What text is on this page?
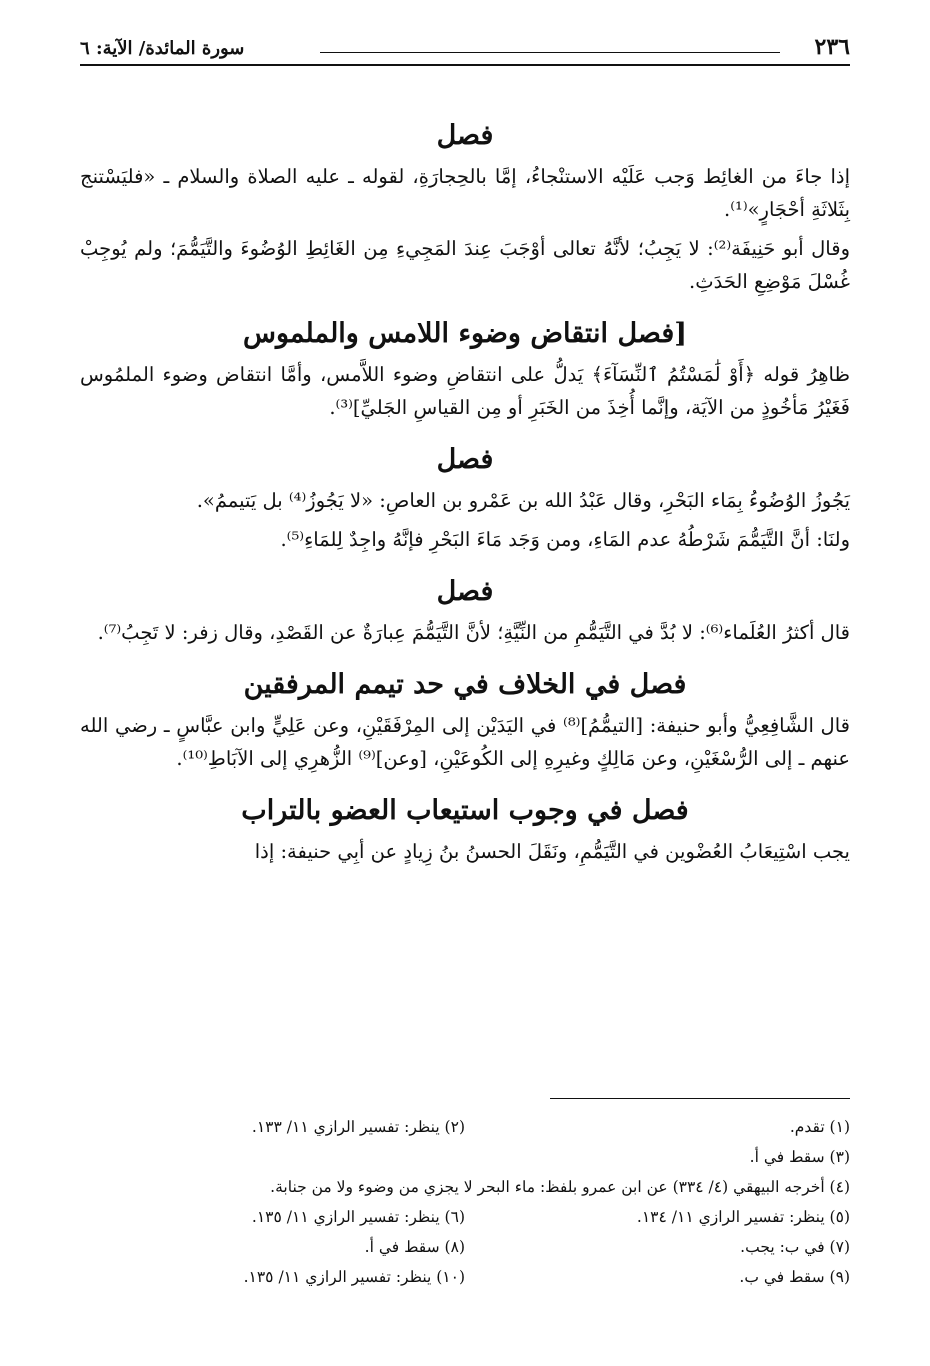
٢٣٦
سورة المائدة/ الآية: ٦
فصل

إذا جاءَ من الغائِط وَجب عَلَيْه الاستنْجاءُ، إمَّا بالحِجارَةِ، لقوله ـ عليه الصلاة والسلام ـ «فليَسْتنج بِثَلاثَةِ أحْجَارٍ»⁽¹⁾.

وقال أبو حَنِيفَة⁽²⁾: لا يَجِبُ؛ لأنَّهُ تعالى أوْجَبَ عِندَ المَجِيءِ مِن الغَائِطِ الوُضُوءَ والتَّيَمُّمَ؛ ولم يُوجِبْ غُسْلَ مَوْضِعِ الحَدَثِ.

[فصل انتقاض وضوء اللامس والملموس

ظاهِرُ قوله ﴿أَوْ لَٰمَسْتُمُ ٱلنِّسَآءَ﴾ يَدلُّ على انتقاضِ وضوء اللاَّمس، وأمَّا انتقاض وضوء الملمُوس فَغَيْرُ مَأخُوذٍ من الآيَة، وإنَّما أُخِذَ من الخَبَرِ أو مِن القياسِ الجَليِّ]⁽³⁾.

فصل

يَجُوزُ الوُضُوءُ بِمَاء البَحْرِ، وقال عَبْدُ الله بن عَمْرو بن العاصِ: «لا يَجُوزُ⁽⁴⁾ بل يَتيممُ».

ولنَا: أنَّ التَّيَمُّمَ شَرْطُهُ عدم المَاءِ، ومن وَجَد مَاءَ البَحْرِ فإنَّهُ واجِدٌ لِلمَاءِ⁽⁵⁾.

فصل

قال أكثرُ العُلَماء⁽⁶⁾: لا بُدَّ في التَّيَمُّمِ من النِّيَّةِ؛ لأنَّ التَّيَمُّمَ عِبارَةٌ عن القَصْدِ، وقال زفر: لا تَجِبُ⁽⁷⁾.

فصل في الخلاف في حد تيمم المرفقين

قال الشَّافِعِيُّ وأبو حنيفة: [التيمُّمُ]⁽⁸⁾ في اليَدَيْن إلى المِرْفَقَيْنِ، وعن عَلِيٍّ وابن عبَّاسٍ ـ رضي الله عنهم ـ إلى الرُّسْغَيْنِ، وعن مَالِكٍ وغيرِهِ إلى الكُوعَيْنِ، [وعن]⁽⁹⁾ الزُّهرِي إلى الآبَاطِ⁽¹⁰⁾.

فصل في وجوب استيعاب العضو بالتراب

يجب اسْتِيعَابُ العُضْوين في التَّيَمُّمِ، ونَقَلَ الحسنُ بنُ زِيادٍ عن أبِي حنيفة: إذا

(١) تقدم.
(٢) ينظر: تفسير الرازي ١١/ ١٣٣.
(٣) سقط في أ.
(٤) أخرجه البيهقي (٤/ ٣٣٤) عن ابن عمرو بلفظ: ماء البحر لا يجزي من وضوء ولا من جنابة.
(٥) ينظر: تفسير الرازي ١١/ ١٣٤.
(٦) ينظر: تفسير الرازي ١١/ ١٣٥.
(٧) في ب: يجب.
(٨) سقط في أ.
(٩) سقط في ب.
(١٠) ينظر: تفسير الرازي ١١/ ١٣٥.
